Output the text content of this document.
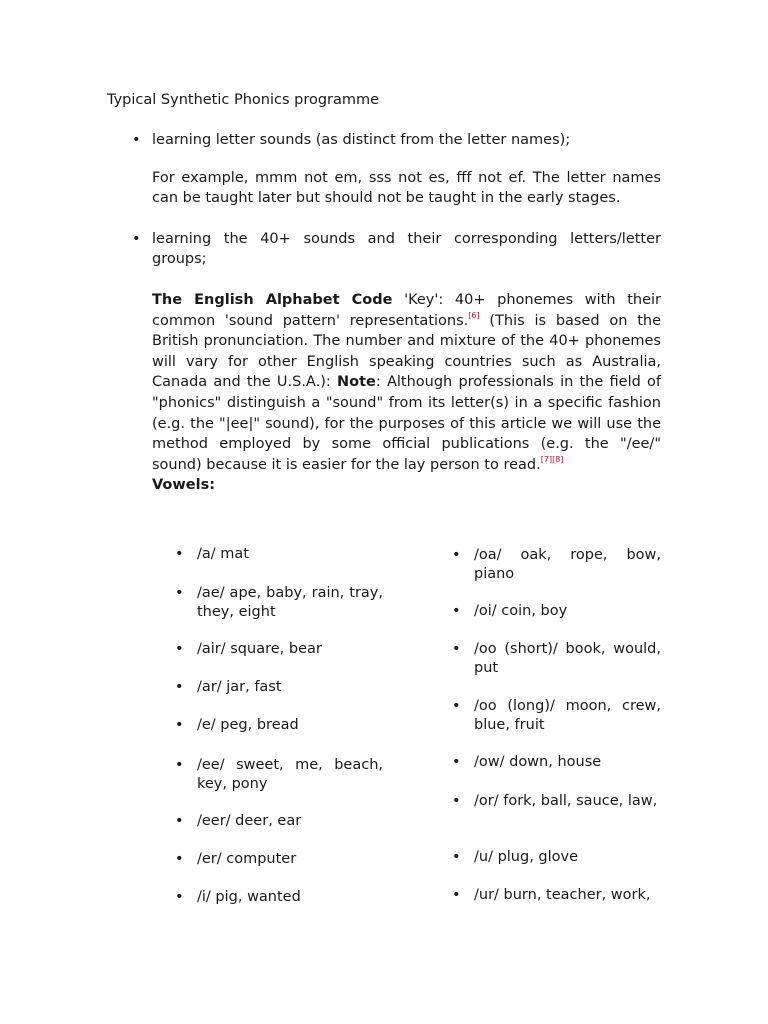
Typical Synthetic Phonics programme
• learning letter sounds (as distinct from the letter names);

For example, mmm not em, sss not es, fff not ef. The letter names can be taught later but should not be taught in the early stages.

• learning the 40+ sounds and their corresponding letters/letter groups;

The English Alphabet Code 'Key': 40+ phonemes with their common 'sound pattern' representations.[6] (This is based on the British pronunciation. The number and mixture of the 40+ phonemes will vary for other English speaking countries such as Australia, Canada and the U.S.A.): Note: Although professionals in the field of "phonics" distinguish a "sound" from its letter(s) in a specific fashion (e.g. the "|ee|" sound), for the purposes of this article we will use the method employed by some official publications (e.g. the "/ee/" sound) because it is easier for the lay person to read.[7][8]

Vowels:

• /a/ mat
• /ae/ ape, baby, rain, tray, they, eight
• /air/ square, bear
• /ar/ jar, fast
• /e/ peg, bread
• /ee/ sweet, me, beach, key, pony
• /eer/ deer, ear
• /er/ computer
• /i/ pig, wanted
• /oa/ oak, rope, bow, piano
• /oi/ coin, boy
• /oo (short)/ book, would, put
• /oo (long)/ moon, crew, blue, fruit
• /ow/ down, house
• /or/ fork, ball, sauce, law,
• /u/ plug, glove
• /ur/ burn, teacher, work,
